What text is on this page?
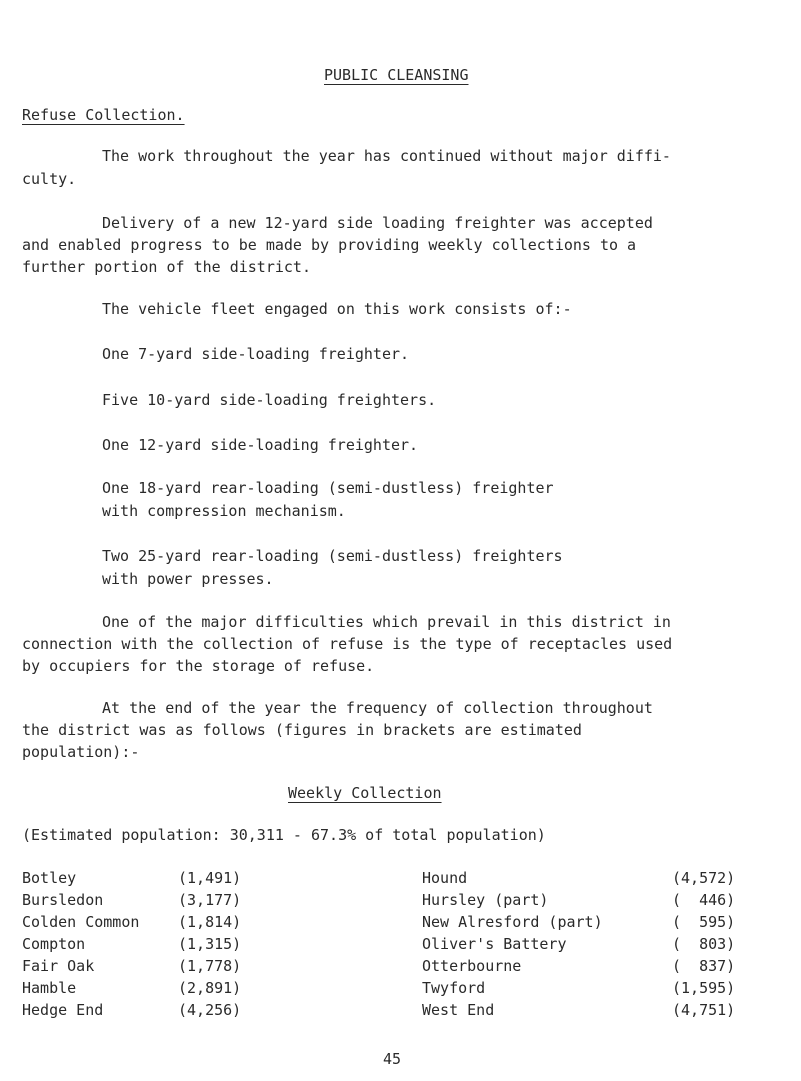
PUBLIC CLEANSING
Refuse Collection.
The work throughout the year has continued without major diffi-
culty.
Delivery of a new 12-yard side loading freighter was accepted
and enabled progress to be made by providing weekly collections to a
further portion of the district.
The vehicle fleet engaged on this work consists of:-
One 7-yard side-loading freighter.
Five 10-yard side-loading freighters.
One 12-yard side-loading freighter.
One 18-yard rear-loading (semi-dustless) freighter
with compression mechanism.
Two 25-yard rear-loading (semi-dustless) freighters
with power presses.
One of the major difficulties which prevail in this district in
connection with the collection of refuse is the type of receptacles used
by occupiers for the storage of refuse.
At the end of the year the frequency of collection throughout
the district was as follows (figures in brackets are estimated
population):-
Weekly Collection
(Estimated population: 30,311 - 67.3% of total population)
Botley	(1,491)
Bursledon	(3,177)
Colden Common	(1,814)
Compton	(1,315)
Fair Oak	(1,778)
Hamble	(2,891)
Hedge End	(4,256)
Hound	(4,572)
Hursley (part)	(  446)
New Alresford (part)	(  595)
Oliver's Battery	(  803)
Otterbourne	(  837)
Twyford	(1,595)
West End	(4,751)
45
